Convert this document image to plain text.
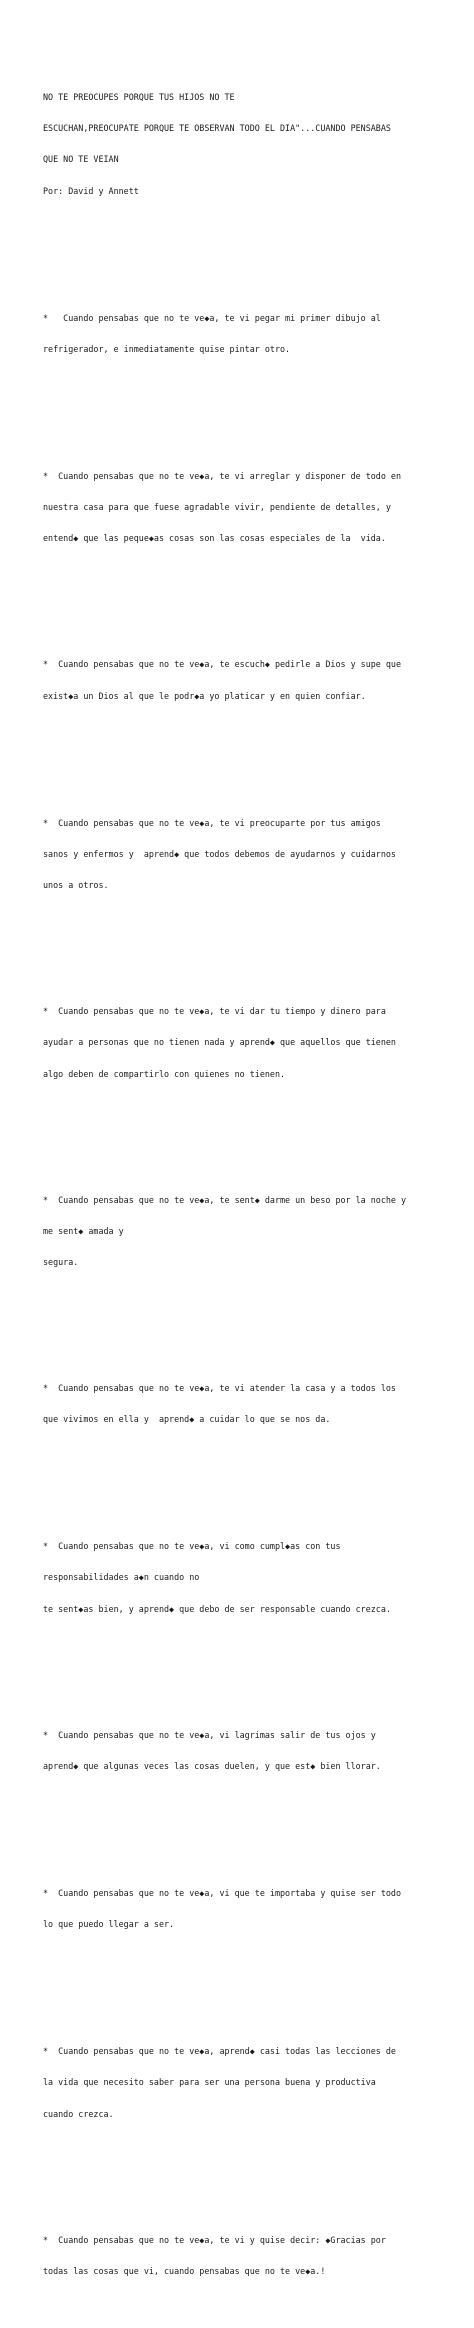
NO TE PREOCUPES PORQUE TUS HIJOS NO TE

ESCUCHAN,PREOCUPATE PORQUE TE OBSERVAN TODO EL DIA"...CUANDO PENSABAS

QUE NO TE VEIAN

Por: David y Annett

*   Cuando pensabas que no te ve◆a, te vi pegar mi primer dibujo al

refrigerador, e inmediatamente quise pintar otro.

*  Cuando pensabas que no te ve◆a, te vi arreglar y disponer de todo en

nuestra casa para que fuese agradable vivir, pendiente de detalles, y

entend◆ que las peque◆as cosas son las cosas especiales de la  vida.

*  Cuando pensabas que no te ve◆a, te escuch◆ pedirle a Dios y supe que

exist◆a un Dios al que le podr◆a yo platicar y en quien confiar.

*  Cuando pensabas que no te ve◆a, te vi preocuparte por tus amigos

sanos y enfermos y  aprend◆ que todos debemos de ayudarnos y cuidarnos

unos a otros.

*  Cuando pensabas que no te ve◆a, te vi dar tu tiempo y dinero para

ayudar a personas que no tienen nada y aprend◆ que aquellos que tienen

algo deben de compartirlo con quienes no tienen.

*  Cuando pensabas que no te ve◆a, te sent◆ darme un beso por la noche y

me sent◆ amada y

segura.

*  Cuando pensabas que no te ve◆a, te vi atender la casa y a todos los

que vivimos en ella y  aprend◆ a cuidar lo que se nos da.

*  Cuando pensabas que no te ve◆a, vi como cumpl◆as con tus

responsabilidades a◆n cuando no

te sent◆as bien, y aprend◆ que debo de ser responsable cuando crezca.

*  Cuando pensabas que no te ve◆a, vi lagrimas salir de tus ojos y

aprend◆ que algunas veces las cosas duelen, y que est◆ bien llorar.

*  Cuando pensabas que no te ve◆a, vi que te importaba y quise ser todo

lo que puedo llegar a ser.

*  Cuando pensabas que no te ve◆a, aprend◆ casi todas las lecciones de

la vida que necesito saber para ser una persona buena y productiva

cuando crezca.

*  Cuando pensabas que no te ve◆a, te vi y quise decir: ◆Gracias por

todas las cosas que vi, cuando pensabas que no te ve◆a.!
